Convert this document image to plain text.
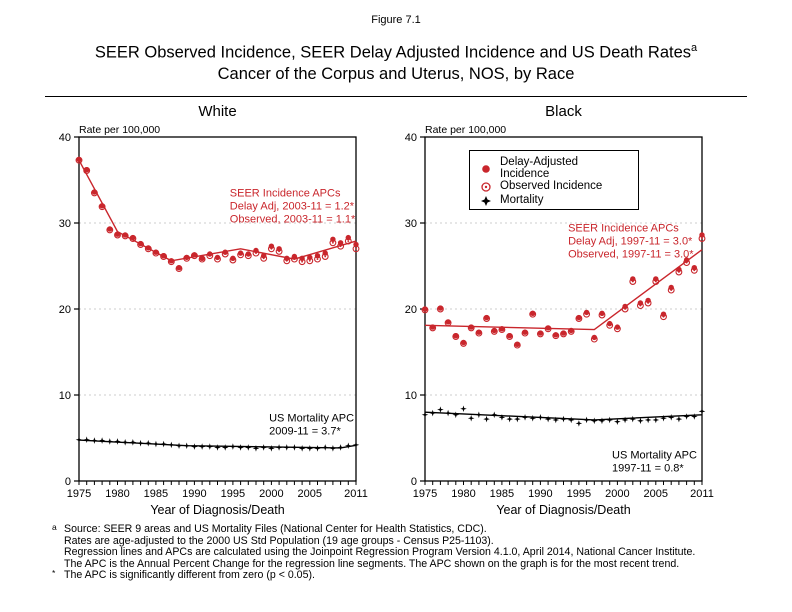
Figure 7.1
SEER Observed Incidence, SEER Delay Adjusted Incidence and US Death Rates$^a$
Cancer of the Corpus and Uterus, NOS, by Race
White	Black
0
10
20
30
40
1975 1980 1985 1990 1995 2000 2005 2011
Rate per 100,000
Year of Diagnosis/Death
SEER Incidence APCs Delay Adj, 2003-11 = 1.2* Observed, 2003-11 = 1.1*
US Mortality APC 2009-11 = 3.7*
0
10
20
30
40
1975 1980 1985 1990 1995 2000 2005 2011
Rate per 100,000
Year of Diagnosis/Death
SEER Incidence APCs Delay Adj, 1997-11 = 3.0* Observed, 1997-11 = 3.0*
US Mortality APC 1997-11 = 0.8*
Delay-Adjusted Incidence
Observed Incidence
Mortality
a Source: SEER 9 areas and US Mortality Files (National Center for Health Statistics, CDC).
Rates are age-adjusted to the 2000 US Std Population (19 age groups - Census P25-1103).
Regression lines and APCs are calculated using the Joinpoint Regression Program Version 4.1.0, April 2014, National Cancer Institute.
The APC is the Annual Percent Change for the regression line segments. The APC shown on the graph is for the most recent trend.
* The APC is significantly different from zero (p < 0.05).
